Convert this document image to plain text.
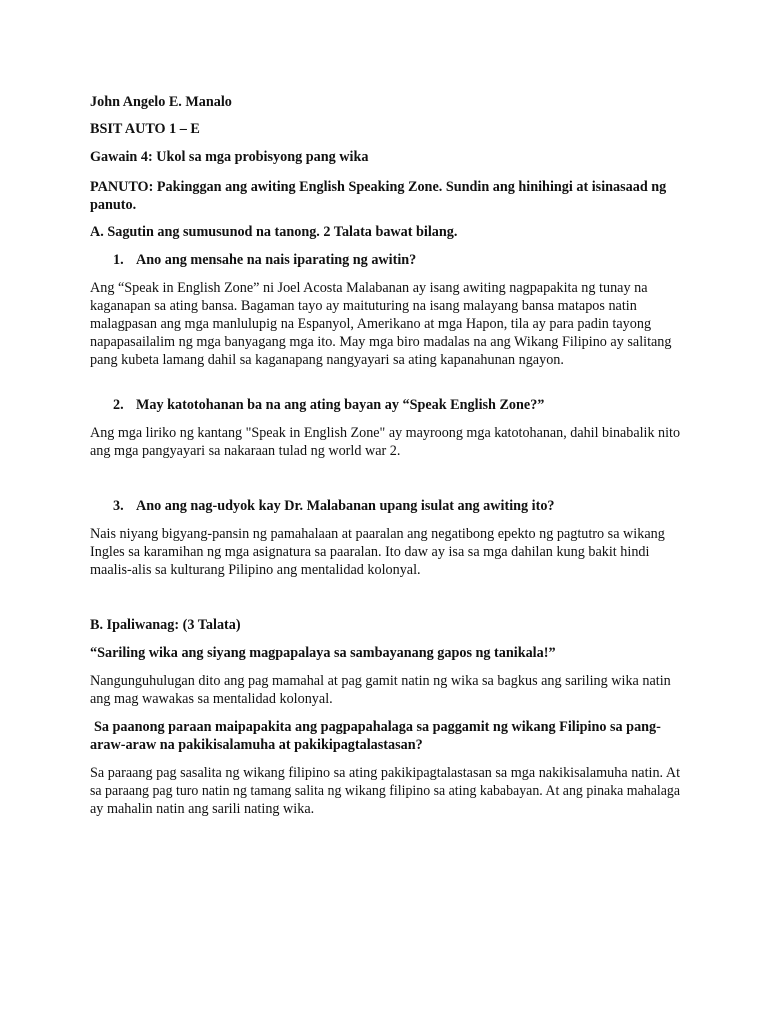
John Angelo E. Manalo

BSIT AUTO 1 – E

Gawain 4: Ukol sa mga probisyong pang wika

PANUTO: Pakinggan ang awiting English Speaking Zone. Sundin ang hinihingi at isinasaad ng

panuto.

A. Sagutin ang sumusunod na tanong. 2 Talata bawat bilang.

1. Ano ang mensahe na nais iparating ng awitin?

Ang “Speak in English Zone” ni Joel Acosta Malabanan ay isang awiting nagpapakita ng tunay na

kaganapan sa ating bansa. Bagaman tayo ay maituturing na isang malayang bansa matapos natin

malagpasan ang mga manlulupig na Espanyol, Amerikano at mga Hapon, tila ay para padin tayong

napapasailalim ng mga banyagang mga ito. May mga biro madalas na ang Wikang Filipino ay salitang

pang kubeta lamang dahil sa kaganapang nangyayari sa ating kapanahunan ngayon.

2. May katotohanan ba na ang ating bayan ay “Speak English Zone?”

Ang mga liriko ng kantang "Speak in English Zone" ay mayroong mga katotohanan, dahil binabalik nito

ang mga pangyayari sa nakaraan tulad ng world war 2.

3. Ano ang nag-udyok kay Dr. Malabanan upang isulat ang awiting ito?

Nais niyang bigyang-pansin ng pamahalaan at paaralan ang negatibong epekto ng pagtutro sa wikang

Ingles sa karamihan ng mga asignatura sa paaralan. Ito daw ay isa sa mga dahilan kung bakit hindi

maalis-alis sa kulturang Pilipino ang mentalidad kolonyal.

B. Ipaliwanag: (3 Talata)

“Sariling wika ang siyang magpapalaya sa sambayanang gapos ng tanikala!”

Nangunguhulugan dito ang pag mamahal at pag gamit natin ng wika sa bagkus ang sariling wika natin

ang mag wawakas sa mentalidad kolonyal.

Sa paanong paraan maipapakita ang pagpapahalaga sa paggamit ng wikang Filipino sa pang-

araw-araw na pakikisalamuha at pakikipagtalastasan?

Sa paraang pag sasalita ng wikang filipino sa ating pakikipagtalastasan sa mga nakikisalamuha natin. At

sa paraang pag turo natin ng tamang salita ng wikang filipino sa ating kababayan. At ang pinaka mahalaga

ay mahalin natin ang sarili nating wika.
